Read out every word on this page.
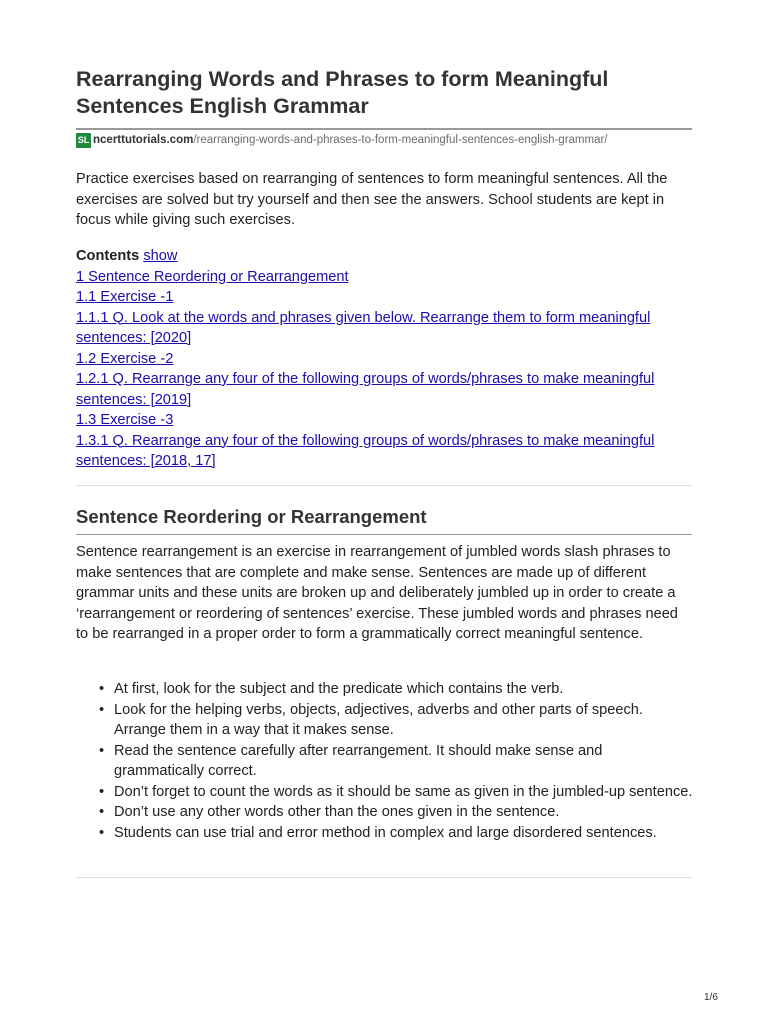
Rearranging Words and Phrases to form Meaningful Sentences English Grammar
SL ncerttutorials.com /rearranging-words-and-phrases-to-form-meaningful-sentences-english-grammar/

Practice exercises based on rearranging of sentences to form meaningful sentences. All the exercises are solved but try yourself and then see the answers. School students are kept in focus while giving such exercises.

Contents show
1 Sentence Reordering or Rearrangement
1.1 Exercise -1
1.1.1 Q. Look at the words and phrases given below. Rearrange them to form meaningful sentences: [2020]
1.2 Exercise -2
1.2.1 Q. Rearrange any four of the following groups of words/phrases to make meaningful sentences: [2019]
1.3 Exercise -3
1.3.1 Q. Rearrange any four of the following groups of words/phrases to make meaningful sentences: [2018, 17]
Sentence Reordering or Rearrangement

Sentence rearrangement is an exercise in rearrangement of jumbled words slash phrases to make sentences that are complete and make sense. Sentences are made up of different grammar units and these units are broken up and deliberately jumbled up in order to create a ‘rearrangement or reordering of sentences’ exercise. These jumbled words and phrases need to be rearranged in a proper order to form a grammatically correct meaningful sentence.

• At first, look for the subject and the predicate which contains the verb.
• Look for the helping verbs, objects, adjectives, adverbs and other parts of speech. Arrange them in a way that it makes sense.
• Read the sentence carefully after rearrangement. It should make sense and grammatically correct.
• Don’t forget to count the words as it should be same as given in the jumbled-up sentence.
• Don’t use any other words other than the ones given in the sentence.
• Students can use trial and error method in complex and large disordered sentences.
1/6
